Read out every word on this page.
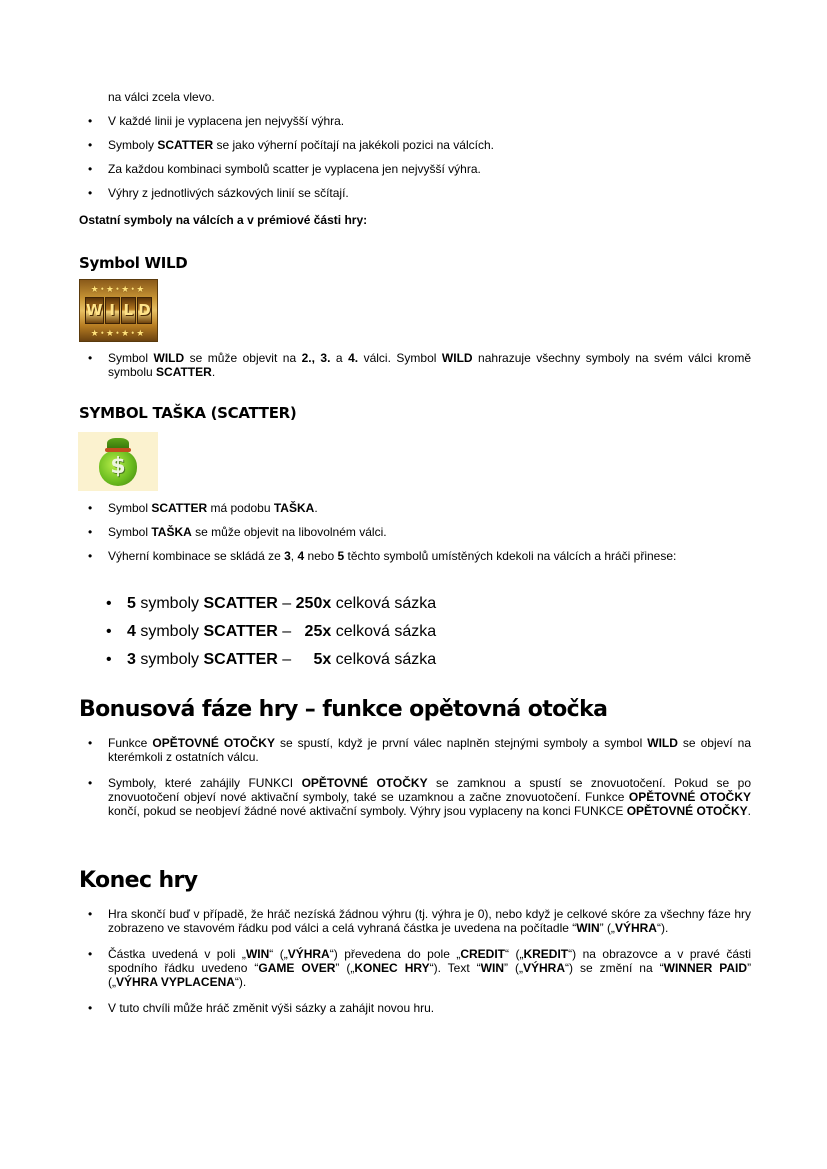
na válci zcela vlevo.
• V každé linii je vyplacena jen nejvyšší výhra.
• Symboly SCATTER se jako výherní počítají na jakékoli pozici na válcích.
• Za každou kombinaci symbolů scatter je vyplacena jen nejvyšší výhra.
• Výhry z jednotlivých sázkových linií se sčítají.
Ostatní symboly na válcích a v prémiové části hry:
Symbol WILD
★•★•★•★
W I L D
★•★•★•★
• Symbol WILD se může objevit na 2., 3. a 4. válci. Symbol WILD nahrazuje všechny symboly na svém válci kromě symbolu SCATTER.
SYMBOL TAŠKA (SCATTER)
$
• Symbol SCATTER má podobu TAŠKA.
• Symbol TAŠKA se může objevit na libovolném válci.
• Výherní kombinace se skládá ze 3, 4 nebo 5 těchto symbolů umístěných kdekoli na válcích a hráči přinese:
• 5 symboly SCATTER – 250x celková sázka
• 4 symboly SCATTER –   25x celková sázka
• 3 symboly SCATTER –     5x celková sázka
Bonusová fáze hry – funkce opětovná otočka
• Funkce OPĚTOVNÉ OTOČKY se spustí, když je první válec naplněn stejnými symboly a symbol WILD se objeví na kterémkoli z ostatních válcu.
• Symboly, které zahájily FUNKCI OPĚTOVNÉ OTOČKY se zamknou a spustí se znovuotočení. Pokud se po znovuotočení objeví nové aktivační symboly, také se uzamknou a začne znovuotočení. Funkce OPĚTOVNÉ OTOČKY končí, pokud se neobjeví žádné nové aktivační symboly. Výhry jsou vyplaceny na konci FUNKCE OPĚTOVNÉ OTOČKY.
Konec hry
• Hra skončí buď v případě, že hráč nezíská žádnou výhru (tj. výhra je 0), nebo když je celkové skóre za všechny fáze hry zobrazeno ve stavovém řádku pod válci a celá vyhraná částka je uvedena na počítadle “WIN” („VÝHRA“).
• Částka uvedená v poli „WIN“ („VÝHRA“) převedena do pole „CREDIT“ („KREDIT“) na obrazovce a v pravé části spodního řádku uvedeno “GAME OVER” („KONEC HRY“). Text “WIN” („VÝHRA“) se změní na “WINNER PAID” („VÝHRA VYPLACENA“).
• V tuto chvíli může hráč změnit výši sázky a zahájit novou hru.
